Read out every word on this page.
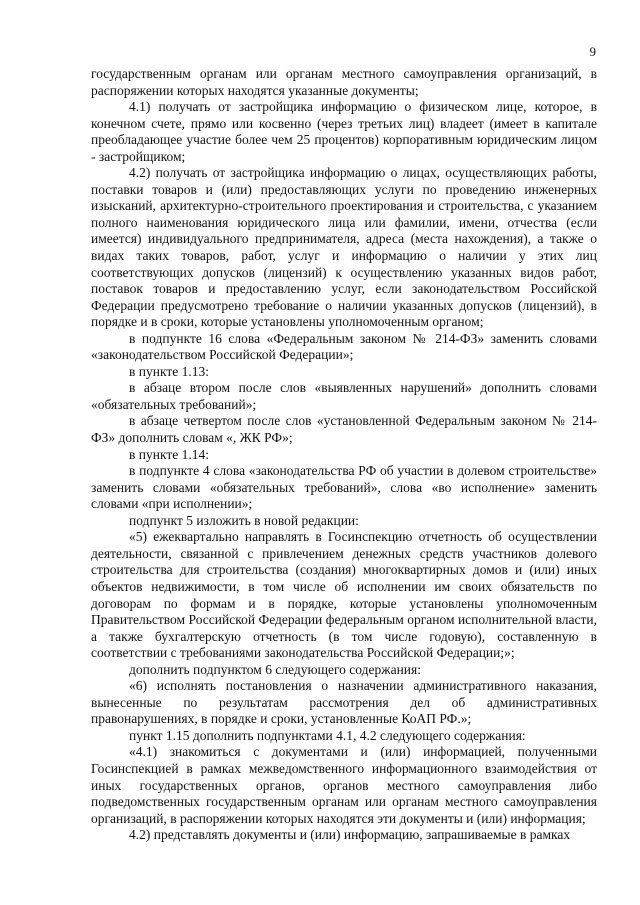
9

государственным органам или органам местного самоуправления организаций, в распоряжении которых находятся указанные документы;

4.1) получать от застройщика информацию о физическом лице, которое, в конечном счете, прямо или косвенно (через третьих лиц) владеет (имеет в капитале преобладающее участие более чем 25 процентов) корпоративным юридическим лицом - застройщиком;

4.2) получать от застройщика информацию о лицах, осуществляющих работы, поставки товаров и (или) предоставляющих услуги по проведению инженерных изысканий, архитектурно-строительного проектирования и строительства, с указанием полного наименования юридического лица или фамилии, имени, отчества (если имеется) индивидуального предпринимателя, адреса (места нахождения), а также о видах таких товаров, работ, услуг и информацию о наличии у этих лиц соответствующих допусков (лицензий) к осуществлению указанных видов работ, поставок товаров и предоставлению услуг, если законодательством Российской Федерации предусмотрено требование о наличии указанных допусков (лицензий), в порядке и в сроки, которые установлены уполномоченным органом;

в подпункте 16 слова «Федеральным законом № 214-ФЗ» заменить словами «законодательством Российской Федерации»;

в пункте 1.13:

в абзаце втором после слов «выявленных нарушений» дополнить словами «обязательных требований»;

в абзаце четвертом после слов «установленной Федеральным законом № 214-ФЗ» дополнить словам «, ЖК РФ»;

в пункте 1.14:

в подпункте 4 слова «законодательства РФ об участии в долевом строительстве» заменить словами «обязательных требований», слова «во исполнение» заменить словами «при исполнении»;

подпункт 5 изложить в новой редакции:

«5) ежеквартально направлять в Госинспекцию отчетность об осуществлении деятельности, связанной с привлечением денежных средств участников долевого строительства для строительства (создания) многоквартирных домов и (или) иных объектов недвижимости, в том числе об исполнении им своих обязательств по договорам по формам и в порядке, которые установлены уполномоченным Правительством Российской Федерации федеральным органом исполнительной власти, а также бухгалтерскую отчетность (в том числе годовую), составленную в соответствии с требованиями законодательства Российской Федерации;»;

дополнить подпунктом 6 следующего содержания:

«6) исполнять постановления о назначении административного наказания, вынесенные по результатам рассмотрения дел об административных правонарушениях, в порядке и сроки, установленные КоАП РФ.»;

пункт 1.15 дополнить подпунктами 4.1, 4.2 следующего содержания:

«4.1) знакомиться с документами и (или) информацией, полученными Госинспекцией в рамках межведомственного информационного взаимодействия от иных государственных органов, органов местного самоуправления либо подведомственных государственным органам или органам местного самоуправления организаций, в распоряжении которых находятся эти документы и (или) информация;

4.2) представлять документы и (или) информацию, запрашиваемые в рамках
